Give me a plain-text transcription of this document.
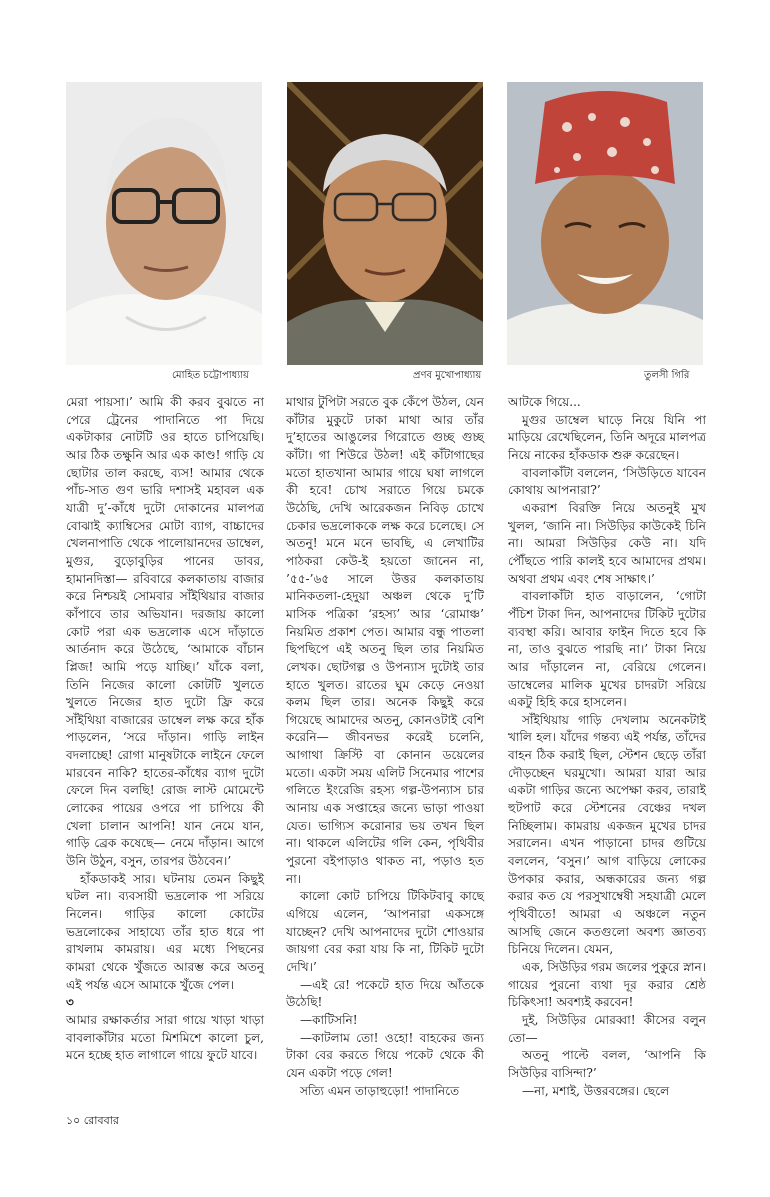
মোহিত চট্টোপাধ্যায়	প্রণব মুখোপাধ্যায়	তুলসী গিরি

মেরা পায়সা।’ আমি কী করব বুঝতে না পেরে ট্রেনের পাদানিতে পা দিয়ে একটাকার নোটটি ওর হাতে চাপিয়েছি। আর ঠিক তক্ষুনি আর এক কাণ্ড! গাড়ি যে ছোটার তাল করছে, ব্যস! আমার থেকে পাঁচ-সাত গুণ ভারি দশাসই মহাবল এক যাত্রী দু’-কাঁধে দুটো দোকানের মালপত্র বোঝাই ক্যাম্বিসের মোটা ব্যাগ, বাচ্চাদের খেলনাপাতি থেকে পালোয়ানদের ডাম্বেল, মুগুর, বুড়োবুড়ির পানের ডাবর, হামানদিস্তা— রবিবারে কলকাতায় বাজার করে নিশ্চয়ই সোমবার সাঁইথিয়ার বাজার কাঁপাবে তার অভিযান। দরজায় কালো কোট পরা এক ভদ্রলোক এসে দাঁড়াতে আর্তনাদ করে উঠেছে, ‘আমাকে বাঁচান প্লিজ! আমি পড়ে যাচ্ছি।’ যাঁকে বলা, তিনি নিজের কালো কোটটি খুলতে খুলতে নিজের হাত দুটো ফ্রি করে সাঁইথিয়া বাজারের ডাম্বেল লক্ষ করে হাঁক পাড়লেন, ‘সরে দাঁড়ান। গাড়ি লাইন বদলাচ্ছে! রোগা মানুষটাকে লাইনে ফেলে মারবেন নাকি? হাতের-কাঁধের ব্যাগ দুটো ফেলে দিন বলছি! রোজ লাস্ট মোমেন্টে লোকের পায়ের ওপরে পা চাপিয়ে কী খেলা চালান আপনি! যান নেমে যান, গাড়ি ব্রেক কষেছে— নেমে দাঁড়ান। আগে উনি উঠুন, বসুন, তারপর উঠবেন।’

হাঁকডাকই সার। ঘটনায় তেমন কিছুই ঘটল না। ব্যবসায়ী ভদ্রলোক পা সরিয়ে নিলেন। গাড়ির কালো কোটের ভদ্রলোকের সাহায্যে তাঁর হাত ধরে পা রাখলাম কামরায়। এর মধ্যে পিছনের কামরা থেকে খুঁজতে আরম্ভ করে অতনু এই পর্যন্ত এসে আমাকে খুঁজে পেল।

৩

আমার রক্ষাকর্তার সারা গায়ে খাড়া খাড়া বাবলাকাঁটার মতো মিশমিশে কালো চুল, মনে হচ্ছে হাত লাগালে গায়ে ফুটে যাবে।

মাথার টুপিটা সরতে বুক কেঁপে উঠল, যেন কাঁটার মুকুটে ঢাকা মাথা আর তাঁর দু’হাতের আঙুলের গিরোতে গুচ্ছ গুচ্ছ কাঁটা। গা শিউরে উঠল! এই কাঁটাগাছের মতো হাতখানা আমার গায়ে ঘষা লাগলে কী হবে! চোখ সরাতে গিয়ে চমকে উঠেছি, দেখি আরেকজন নিবিড় চোখে চেকার ভদ্রলোককে লক্ষ করে চলেছে। সে অতনু! মনে মনে ভাবছি, এ লেখাটির পাঠকরা কেউ-ই হয়তো জানেন না, ’৫৫-’৬৫ সালে উত্তর কলকাতায় মানিকতলা-হেদুয়া অঞ্চল থেকে দু’টি মাসিক পত্রিকা ‘রহস্য’ আর ‘রোমাঞ্চ’ নিয়মিত প্রকাশ পেত। আমার বন্ধু পাতলা ছিপছিপে এই অতনু ছিল তার নিয়মিত লেখক। ছোটগল্প ও উপন্যাস দুটোই তার হাতে খুলত। রাতের ঘুম কেড়ে নেওয়া কলম ছিল তার। অনেক কিছুই করে গিয়েছে আমাদের অতনু, কোনওটাই বেশি করেনি— জীবনভর করেই চলেনি, আগাথা ক্রিস্টি বা কোনান ডয়েলের মতো। একটা সময় এলিট সিনেমার পাশের গলিতে ইংরেজি রহস্য গল্প-উপন্যাস চার আনায় এক সপ্তাহের জন্যে ভাড়া পাওয়া যেত। ভাগ্যিস করোনার ভয় তখন ছিল না। থাকলে এলিটের গলি কেন, পৃথিবীর পুরনো বইপাড়াও থাকত না, পড়াও হত না।

কালো কোট চাপিয়ে টিকিটবাবু কাছে এগিয়ে এলেন, ‘আপনারা একসঙ্গে যাচ্ছেন? দেখি আপনাদের দুটো শোওয়ার জায়গা বের করা যায় কি না, টিকিট দুটো দেখি।’

—এই রে! পকেটে হাত দিয়ে আঁতকে উঠেছি!

—কাটিসনি!

—কাটলাম তো! ওহো! বাহকের জন্য টাকা বের করতে গিয়ে পকেট থেকে কী যেন একটা পড়ে গেল!

সত্যি এমন তাড়াহুড়ো! পাদানিতে

আটকে গিয়ে...

মুগুর ডাম্বেল ঘাড়ে নিয়ে যিনি পা মাড়িয়ে রেখেছিলেন, তিনি অদূরে মালপত্র নিয়ে নাকের হাঁকডাক শুরু করেছেন।

বাবলাকাঁটা বললেন, ‘সিউড়িতে যাবেন কোথায় আপনারা?’

একরাশ বিরক্তি নিয়ে অতনুই মুখ খুলল, ‘জানি না। সিউড়ির কাউকেই চিনি না। আমরা সিউড়ির কেউ না। যদি পৌঁছতে পারি কালই হবে আমাদের প্রথম। অথবা প্রথম এবং শেষ সাক্ষাৎ।’

বাবলাকাঁটা হাত বাড়ালেন, ‘গোটা পঁচিশ টাকা দিন, আপনাদের টিকিট দুটোর ব্যবস্থা করি। আবার ফাইন দিতে হবে কি না, তাও বুঝতে পারছি না।’ টাকা নিয়ে আর দাঁড়ালেন না, বেরিয়ে গেলেন। ডাম্বেলের মালিক মুখের চাদরটা সরিয়ে একটু হিহি করে হাসলেন।

সাঁইথিয়ায় গাড়ি দেখলাম অনেকটাই খালি হল। যাঁদের গন্তব্য এই পর্যন্ত, তাঁদের বাহন ঠিক করাই ছিল, স্টেশন ছেড়ে তাঁরা দৌড়চ্ছেন ঘরমুখো। আমরা যারা আর একটা গাড়ির জন্যে অপেক্ষা করব, তারাই হুটপাট করে স্টেশনের বেঞ্চের দখল নিচ্ছিলাম। কামরায় একজন মুখের চাদর সরালেন। এখন পাড়ানো চাদর গুটিয়ে বললেন, ‘বসুন।’ আগ বাড়িয়ে লোকের উপকার করার, অন্ধকারের জন্য গল্প করার কত যে পরসুখাম্বেষী সহযাত্রী মেলে পৃথিবীতে! আমরা এ অঞ্চলে নতুন আসছি জেনে কতগুলো অবশ্য জ্ঞাতব্য চিনিয়ে দিলেন। যেমন,

এক, সিউড়ির গরম জলের পুকুরে স্নান। গায়ের পুরনো ব্যথা দূর করার শ্রেষ্ঠ চিকিৎসা! অবশ্যই করবেন!

দুই, সিউড়ির মোরব্বা! কীসের বলুন তো—

অতনু পাল্টে বলল, ‘আপনি কি সিউড়ির বাসিন্দা?’

—না, মশাই, উত্তরবঙ্গের। ছেলে

১০ রোববার
